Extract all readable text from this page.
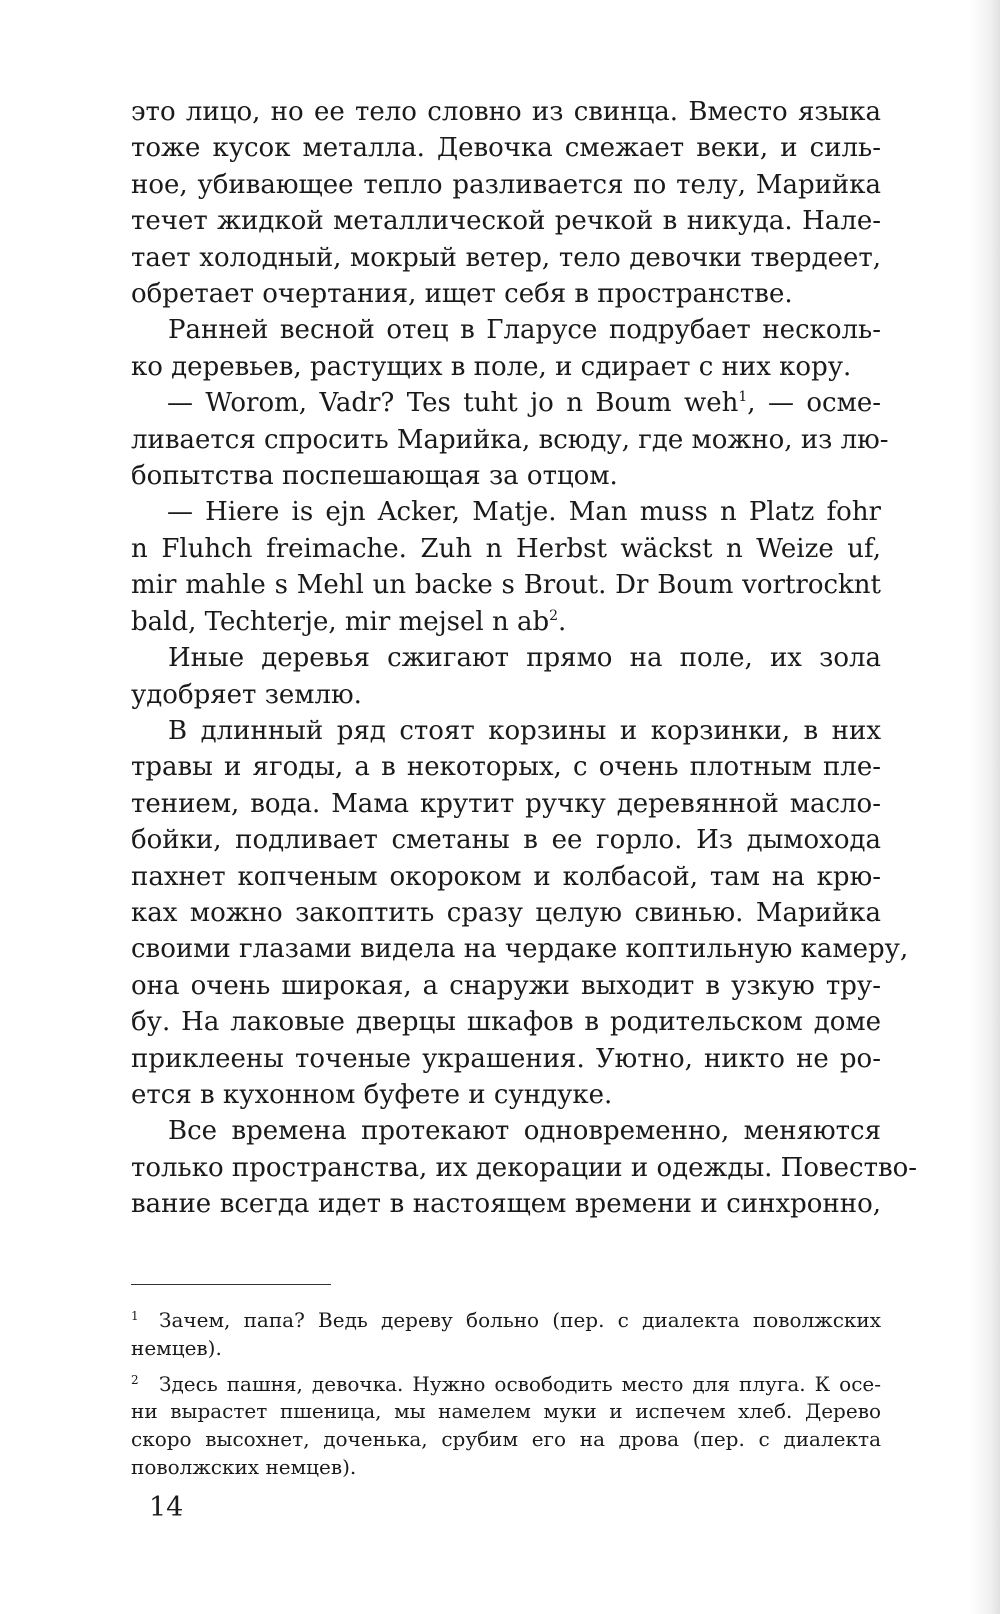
это лицо, но ее тело словно из свинца. Вместо языка
тоже кусок металла. Девочка смежает веки, и силь-
ное, убивающее тепло разливается по телу, Марийка
течет жидкой металлической речкой в никуда. Нале-
тает холодный, мокрый ветер, тело девочки твердеет,
обретает очертания, ищет себя в пространстве.

Ранней весной отец в Гларусе подрубает несколь-
ко деревьев, растущих в поле, и сдирает с них кору.

— Worom, Vadr? Tes tuht jo n Boum weh$^1$, — осме-
ливается спросить Марийка, всюду, где можно, из лю-
бопытства поспешающая за отцом.

— Hiere is ejn Acker, Matje. Man muss n Platz fohr
n Fluhch freimache. Zuh n Herbst wäckst n Weize uf,
mir mahle s Mehl un backe s Brout. Dr Boum vortrocknt
bald, Techterje, mir mejsel n $ab^2$.

Иные деревья сжигают прямо на поле, их зола
удобряет землю.

В длинный ряд стоят корзины и корзинки, в них
травы и ягоды, а в некоторых, с очень плотным пле-
тением, вода. Мама крутит ручку деревянной масло-
бойки, подливает сметаны в ее горло. Из дымохода
пахнет копченым окороком и колбасой, там на крю-
ках можно закоптить сразу целую свинью. Марийка
своими глазами видела на чердаке коптильную камеру,
она очень широкая, а снаружи выходит в узкую тру-
бу. На лаковые дверцы шкафов в родительском доме
приклеены точеные украшения. Уютно, никто не ро-
ется в кухонном буфете и сундуке.

Все времена протекают одновременно, меняются
только пространства, их декорации и одежды. Повество-
вание всегда идет в настоящем времени и синхронно,

1 Зачем, папа? Ведь дереву больно (пер. с диалекта поволжских
немцев).

2 Здесь пашня, девочка. Нужно освободить место для плуга. К осе-
ни вырастет пшеница, мы намелем муки и испечем хлеб. Дерево
скоро высохнет, доченька, срубим его на дрова (пер. с диалекта
поволжских немцев).

14
